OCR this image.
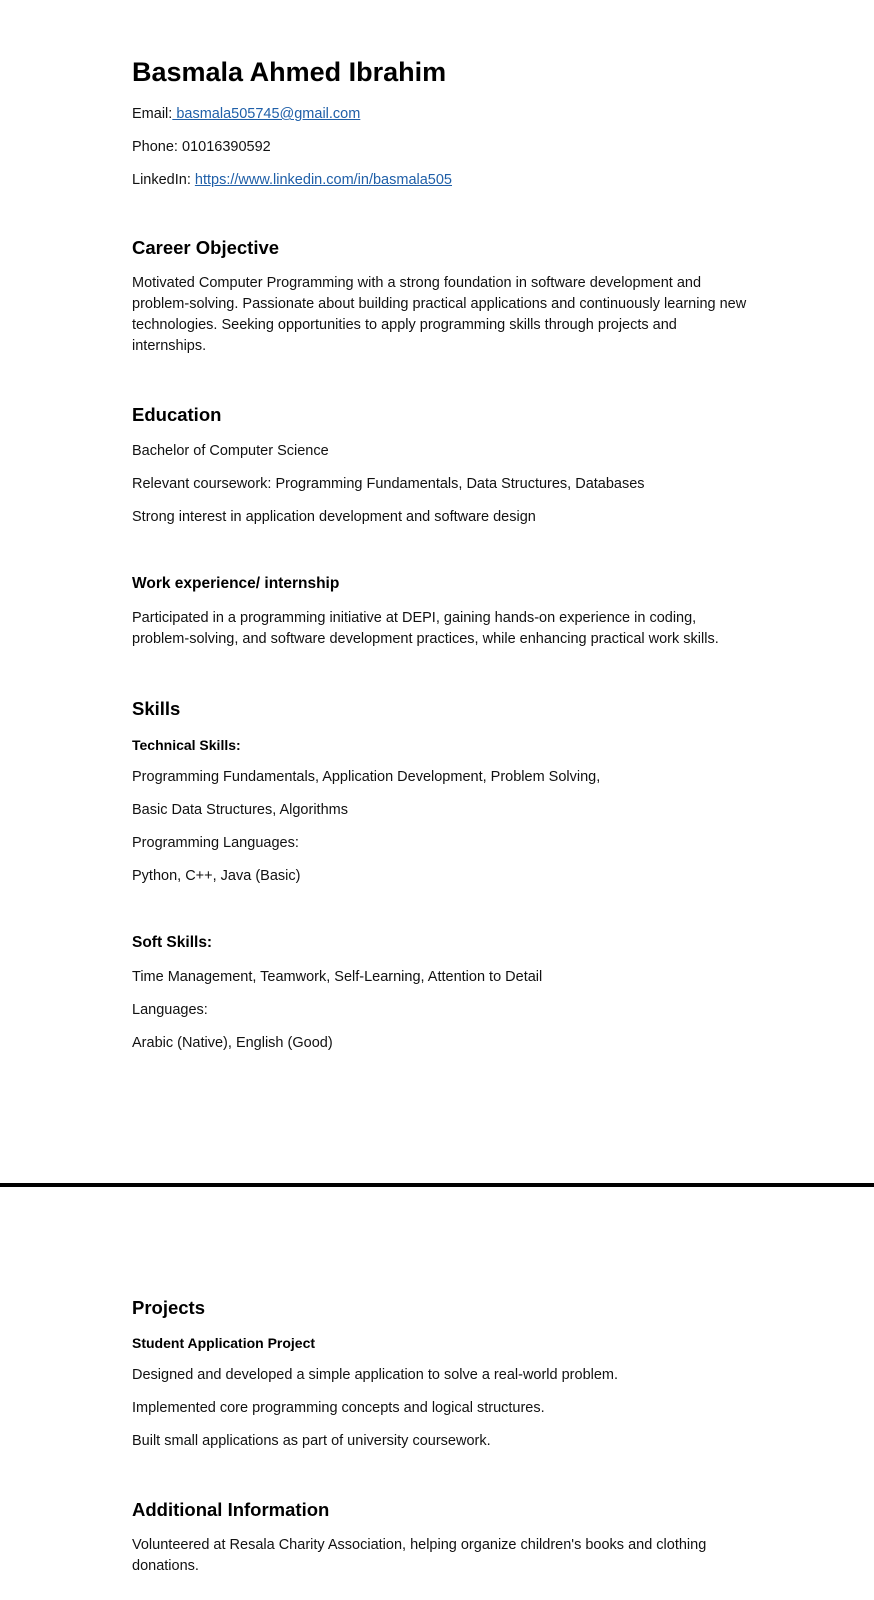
Basmala Ahmed Ibrahim
Email: basmala505745@gmail.com
Phone: 01016390592
LinkedIn: https://www.linkedin.com/in/basmala505
Career Objective

Motivated Computer Programming with a strong foundation in software development and problem-solving. Passionate about building practical applications and continuously learning new technologies. Seeking opportunities to apply programming skills through projects and internships.

Education
Bachelor of Computer Science
Relevant coursework: Programming Fundamentals, Data Structures, Databases
Strong interest in application development and software design
Work experience/ internship

Participated in a programming initiative at DEPI, gaining hands-on experience in coding, problem-solving, and software development practices, while enhancing practical work skills.

Skills
Technical Skills:
Programming Fundamentals, Application Development, Problem Solving,
Basic Data Structures, Algorithms
Programming Languages:
Python, C++, Java (Basic)
Soft Skills:
Time Management, Teamwork, Self-Learning, Attention to Detail
Languages:
Arabic (Native), English (Good)
Projects
Student Application Project
Designed and developed a simple application to solve a real-world problem.
Implemented core programming concepts and logical structures.
Built small applications as part of university coursework.
Additional Information

Volunteered at Resala Charity Association, helping organize children's books and clothing donations.
